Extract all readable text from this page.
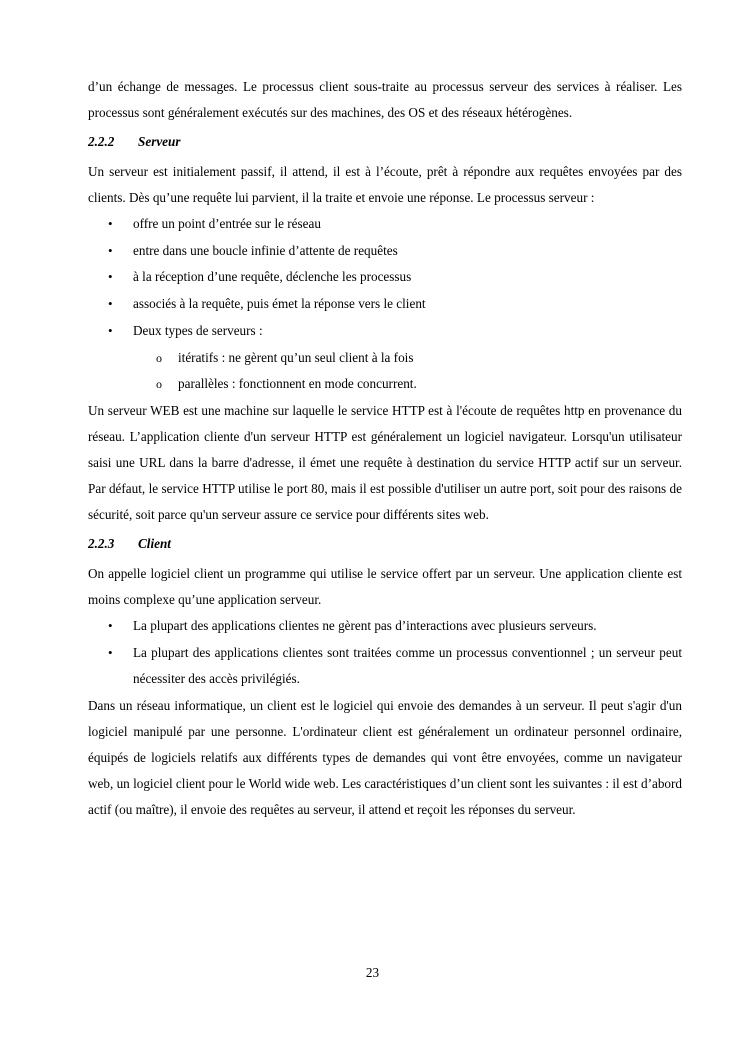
d’un échange de messages. Le processus client sous-traite au processus serveur des services à réaliser. Les processus sont généralement exécutés sur des machines, des OS et des réseaux hétérogènes.

2.2.2	Serveur

Un serveur est initialement passif, il attend, il est à l’écoute, prêt à répondre aux requêtes envoyées par des clients. Dès qu’une requête lui parvient, il la traite et envoie une réponse. Le processus serveur :

• offre un point d’entrée sur le réseau
• entre dans une boucle infinie d’attente de requêtes
• à la réception d’une requête, déclenche les processus
• associés à la requête, puis émet la réponse vers le client
• Deux types de serveurs :
o itératifs : ne gèrent qu’un seul client à la fois
o parallèles : fonctionnent en mode concurrent.

Un serveur WEB est une machine sur laquelle le service HTTP est à l'écoute de requêtes http en provenance du réseau. L’application cliente d'un serveur HTTP est généralement un logiciel navigateur. Lorsqu'un utilisateur saisi une URL dans la barre d'adresse, il émet une requête à destination du service HTTP actif sur un serveur. Par défaut, le service HTTP utilise le port 80, mais il est possible d'utiliser un autre port, soit pour des raisons de sécurité, soit parce qu'un serveur assure ce service pour différents sites web.

2.2.3	Client

On appelle logiciel client un programme qui utilise le service offert par un serveur. Une application cliente est moins complexe qu’une application serveur.

• La plupart des applications clientes ne gèrent pas d’interactions avec plusieurs serveurs.
• La plupart des applications clientes sont traitées comme un processus conventionnel ; un serveur peut nécessiter des accès privilégiés.

Dans un réseau informatique, un client est le logiciel qui envoie des demandes à un serveur. Il peut s'agir d'un logiciel manipulé par une personne. L'ordinateur client est généralement un ordinateur personnel ordinaire, équipés de logiciels relatifs aux différents types de demandes qui vont être envoyées, comme un navigateur web, un logiciel client pour le World wide web. Les caractéristiques d’un client sont les suivantes : il est d’abord actif (ou maître), il envoie des requêtes au serveur, il attend et reçoit les réponses du serveur.

23
